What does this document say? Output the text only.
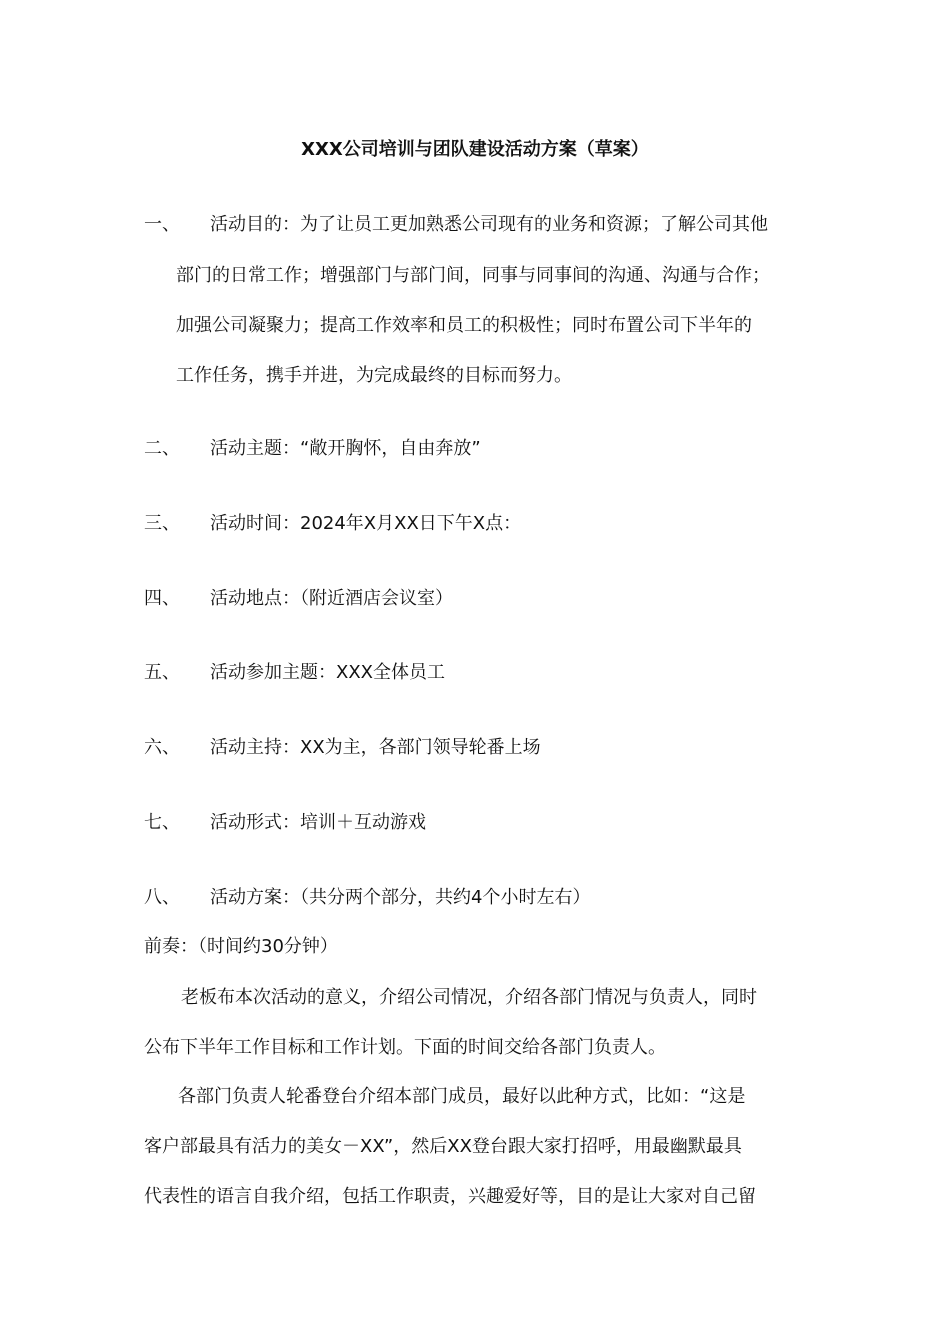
XXX公司培训与团队建设活动方案（草案）
一、 活动目的：为了让员工更加熟悉公司现有的业务和资源；了解公司其他
部门的日常工作；增强部门与部门间，同事与同事间的沟通、沟通与合作；
加强公司凝聚力；提高工作效率和员工的积极性；同时布置公司下半年的
工作任务，携手并进，为完成最终的目标而努力。
二、 活动主题：“敞开胸怀，自由奔放”
三、 活动时间：2024年X月XX日下午X点：
四、 活动地点：（附近酒店会议室）
五、 活动参加主题：XXX全体员工
六、 活动主持：XX为主，各部门领导轮番上场
七、 活动形式：培训＋互动游戏
八、 活动方案：（共分两个部分，共约4个小时左右）
前奏：（时间约30分钟）
老板布本次活动的意义，介绍公司情况，介绍各部门情况与负责人，同时
公布下半年工作目标和工作计划。下面的时间交给各部门负责人。
各部门负责人轮番登台介绍本部门成员，最好以此种方式，比如：“这是
客户部最具有活力的美女－XX”，然后XX登台跟大家打招呼，用最幽默最具
代表性的语言自我介绍，包括工作职责，兴趣爱好等，目的是让大家对自己留
